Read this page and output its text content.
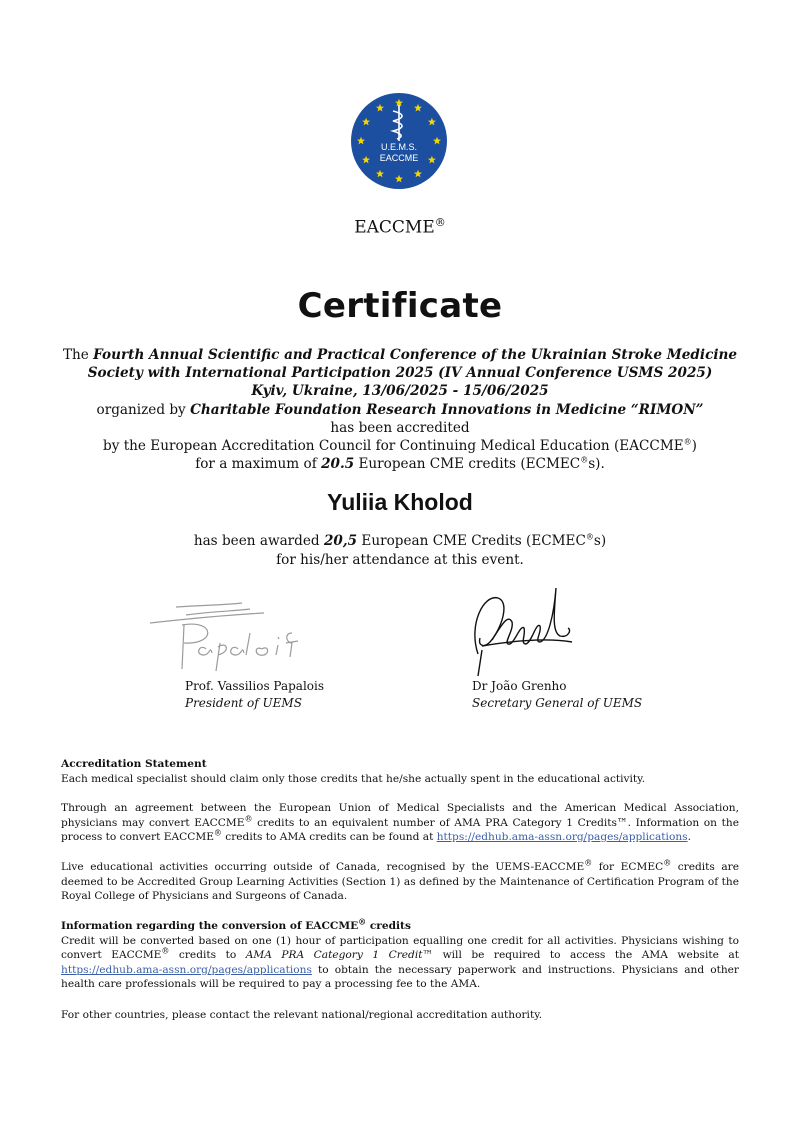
U.E.M.S.
EACCME
EACCME®
Certificate
The Fourth Annual Scientific and Practical Conference of the Ukrainian Stroke Medicine Society with International Participation 2025 (IV Annual Conference USMS 2025)
Kyiv, Ukraine, 13/06/2025 - 15/06/2025
organized by Charitable Foundation Research Innovations in Medicine “RIMON”
has been accredited
by the European Accreditation Council for Continuing Medical Education (EACCME®)
for a maximum of 20.5 European CME credits (ECMEC®s).
Yuliia Kholod
has been awarded 20,5 European CME Credits (ECMEC®s)
for his/her attendance at this event.
Prof. Vassilios Papalois
President of UEMS
Dr João Grenho
Secretary General of UEMS
Accreditation Statement
Each medical specialist should claim only those credits that he/she actually spent in the educational activity.
Through an agreement between the European Union of Medical Specialists and the American Medical Association, physicians may convert EACCME® credits to an equivalent number of AMA PRA Category 1 Credits™. Information on the process to convert EACCME® credits to AMA credits can be found at https://edhub.ama-assn.org/pages/applications.
Live educational activities occurring outside of Canada, recognised by the UEMS-EACCME® for ECMEC® credits are deemed to be Accredited Group Learning Activities (Section 1) as defined by the Maintenance of Certification Program of the Royal College of Physicians and Surgeons of Canada.
Information regarding the conversion of EACCME® credits
Credit will be converted based on one (1) hour of participation equalling one credit for all activities. Physicians wishing to convert EACCME® credits to AMA PRA Category 1 Credit™ will be required to access the AMA website at https://edhub.ama-assn.org/pages/applications to obtain the necessary paperwork and instructions. Physicians and other health care professionals will be required to pay a processing fee to the AMA.
For other countries, please contact the relevant national/regional accreditation authority.
